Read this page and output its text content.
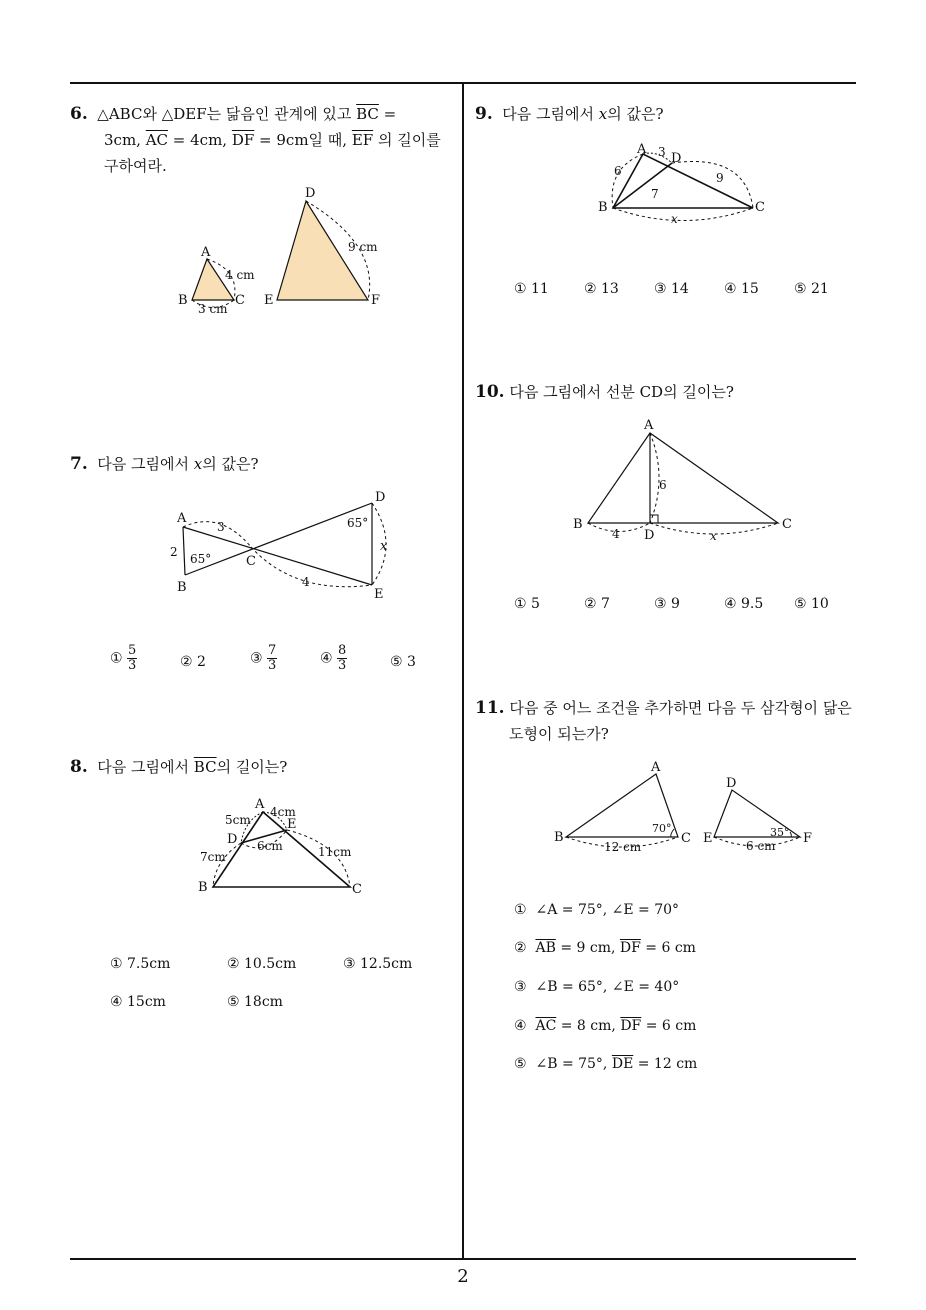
6. △ABC와 △DEF는 닮음인 관계에 있고 $\overline{BC}$ =
3cm, $\overline{AC} = 4cm$, $\overline{DF} = 9cm$일 때, $\overline{EF}$ 의 길이를
구하여라.
A
B	C
D
E	F
4 cm
3 cm
9 cm
7. 다음 그림에서 x의 값은?
A
B
C
D
E
3
2
4
65°
65°
x
① $\frac{5}{3}$	② 2	③ $\frac{7}{3}$	④ $\frac{8}{3}$	⑤ 3
8. 다음 그림에서 $\overline{BC}$의 길이는?
A
B	C
D
E
5cm
4cm
6cm
7cm	11cm
① 7.5cm	② 10.5cm	③ 12.5cm
④ 15cm	⑤ 18cm
9. 다음 그림에서 x의 값은?
A
B	C
D
3
6
7
9
x
① 11	② 13	③ 14	④ 15	⑤ 21
10. 다음 그림에서 선분 CD의 길이는?
A
B	C
D
6
4	x
① 5	② 7	③ 9	④ 9.5 ⑤ 10
11. 다음 중 어느 조건을 추가하면 다음 두 삼각형이 닮은
도형이 되는가?
A
B	C
D
E	F
70°	35°
12 cm	6 cm
① ∠A = 75°, ∠E = 70°
② $\overline{AB} = 9$ cm, $\overline{DF} = 6$ cm
③ ∠B = 65°, ∠E = 40°
④ $\overline{AC} = 8$ cm, $\overline{DF} = 6$ cm
⑤ ∠B = 75°, $\overline{DE} = 12$ cm
2
